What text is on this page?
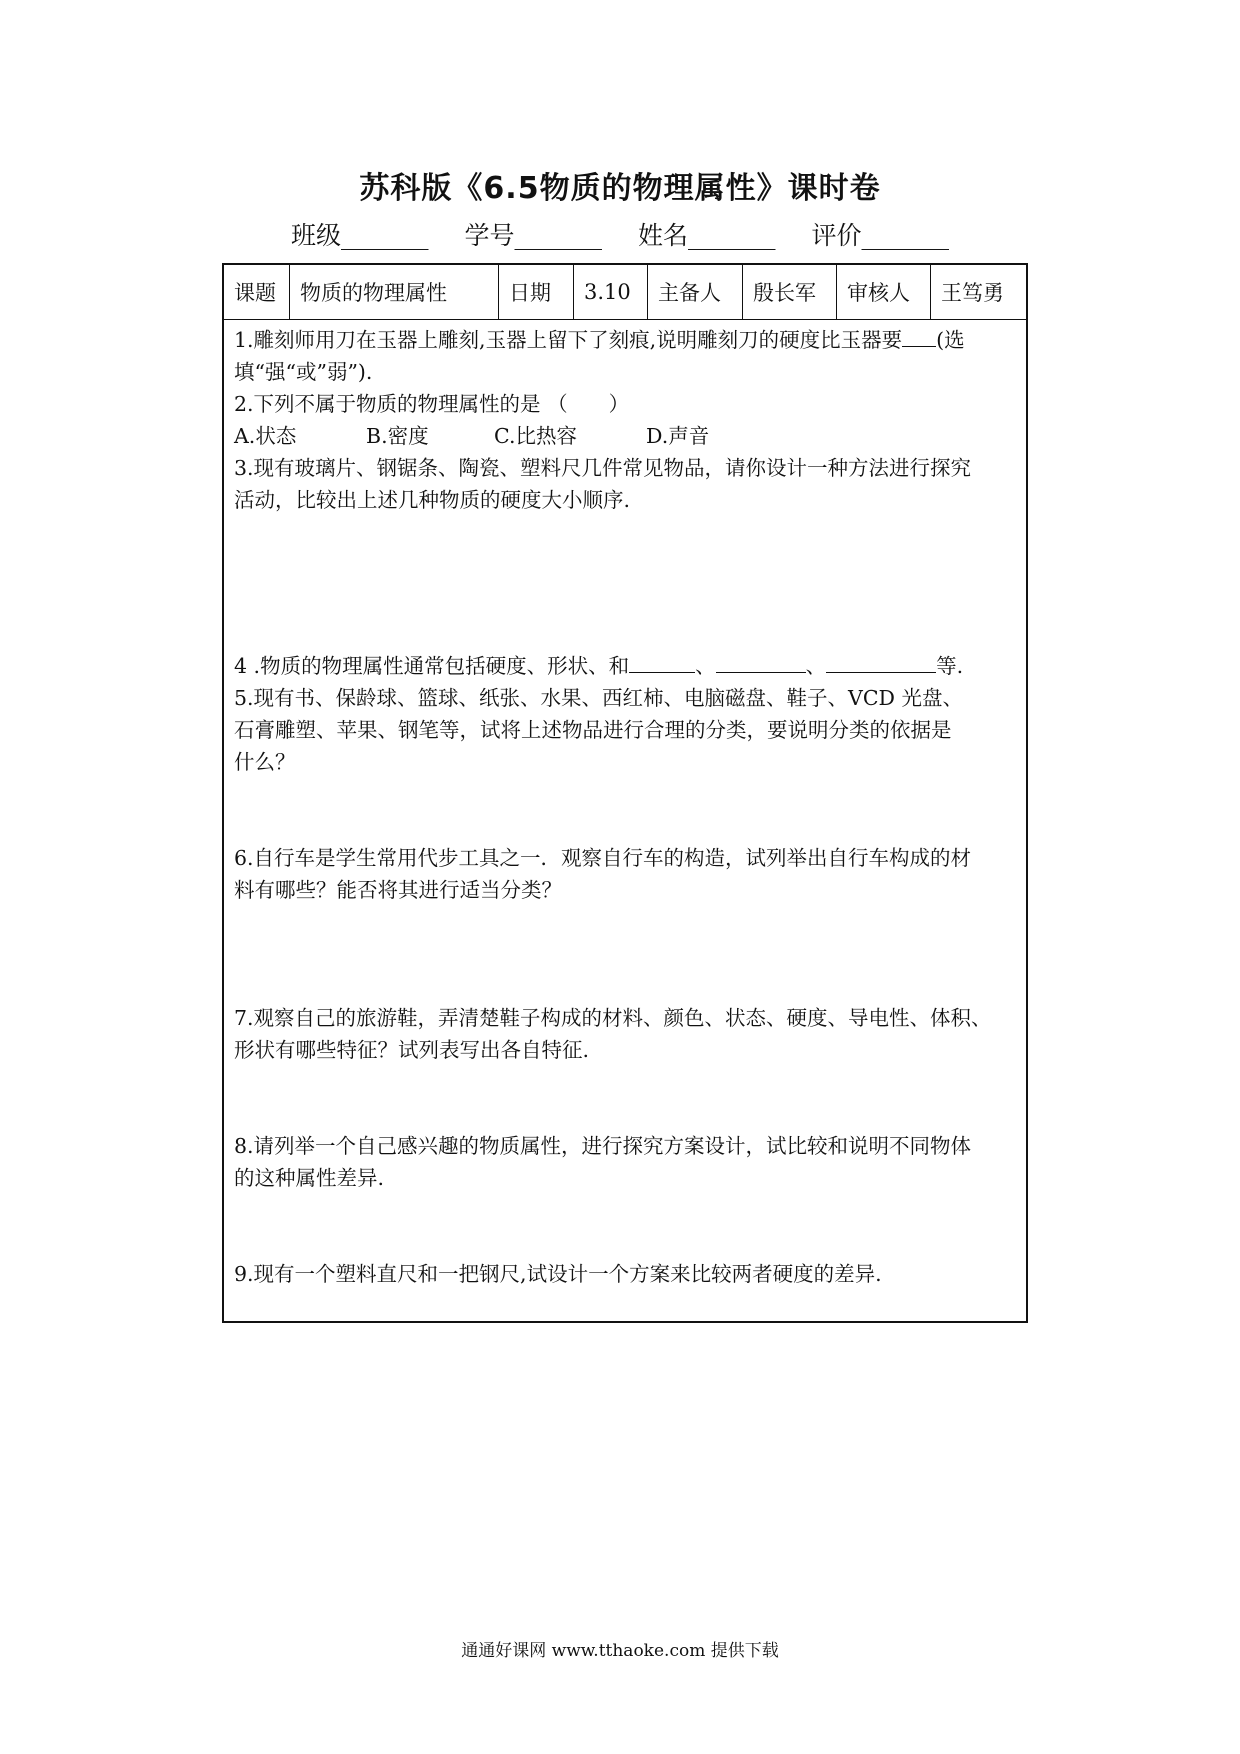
苏科版《6.5物质的物理属性》课时卷
班级_______ 学号_______ 姓名_______ 评价_______
课题	物质的物理属性	日期	3.10	主备人	殷长军	审核人	王笃勇

1.雕刻师用刀在玉器上雕刻,玉器上留下了刻痕,说明雕刻刀的硬度比玉器要 (选

填“强“或”弱”).

2.下列不属于物质的物理属性的是 （　　）

A.状态	B.密度	C.比热容	D.声音

3.现有玻璃片、钢锯条、陶瓷、塑料尺几件常见物品，请你设计一种方法进行探究

活动，比较出上述几种物质的硬度大小顺序.

4 .物质的物理属性通常包括硬度、形状、和	、	、	等.

5.现有书、保龄球、篮球、纸张、水果、西红柿、电脑磁盘、鞋子、VCD 光盘、

石膏雕塑、苹果、钢笔等，试将上述物品进行合理的分类，要说明分类的依据是

什么？

6.自行车是学生常用代步工具之一．观察自行车的构造，试列举出自行车构成的材

料有哪些？能否将其进行适当分类？

7.观察自己的旅游鞋，弄清楚鞋子构成的材料、颜色、状态、硬度、导电性、体积、

形状有哪些特征？试列表写出各自特征.

8.请列举一个自己感兴趣的物质属性，进行探究方案设计，试比较和说明不同物体

的这种属性差异.

9.现有一个塑料直尺和一把钢尺,试设计一个方案来比较两者硬度的差异.

通通好课网 www.tthaoke.com 提供下载
